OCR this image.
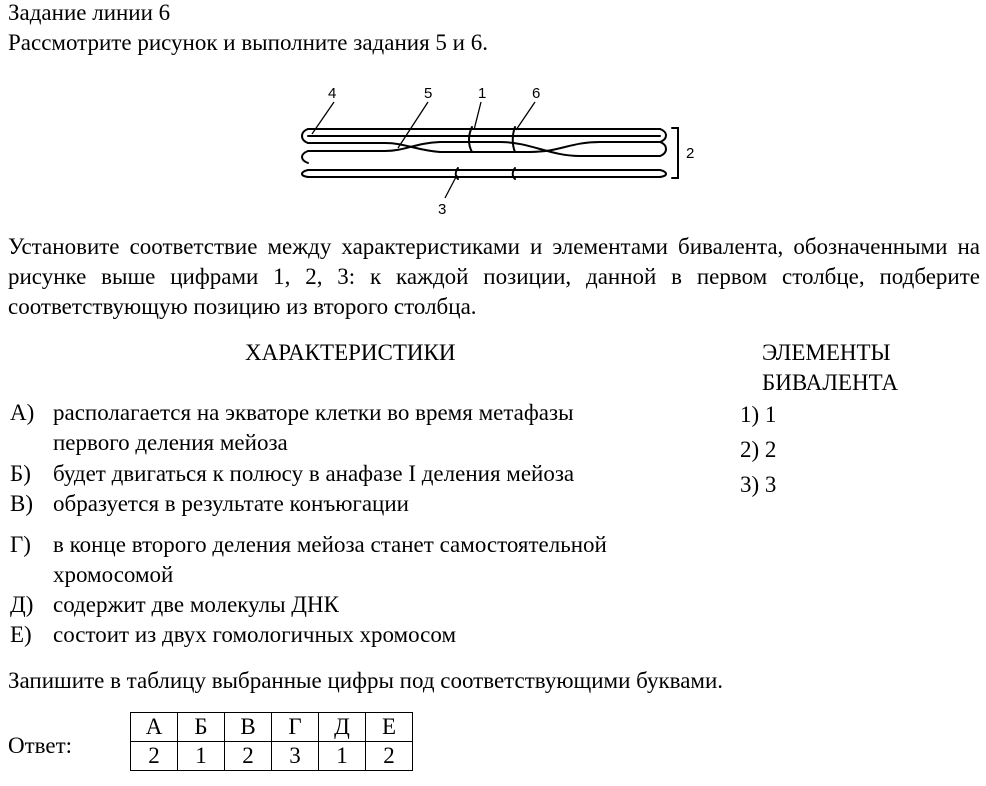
Задание линии 6
Рассмотрите рисунок и выполните задания 5 и 6.
4	5	1	6
2
3
Установите соответствие между характеристиками и элементами бивалента, обозначенными на рисунке выше цифрами 1, 2, 3: к каждой позиции, данной в первом столбце, подберите соответствующую позицию из второго столбца.
ХАРАКТЕРИСТИКИ	ЭЛЕМЕНТЫ
БИВАЛЕНТА
А) располагается на экваторе клетки во время метафазы
первого деления мейоза
Б) будет двигаться к полюсу в анафазе I деления мейоза
В) образуется в результате конъюгации
Г) в конце второго деления мейоза станет самостоятельной
хромосомой
Д) содержит две молекулы ДНК
Е) состоит из двух гомологичных хромосом
1) 1
2) 2
3) 3
Запишите в таблицу выбранные цифры под соответствующими буквами.
Ответ:
А	Б	В	Г	Д	Е
2	1	2	3	1	2
